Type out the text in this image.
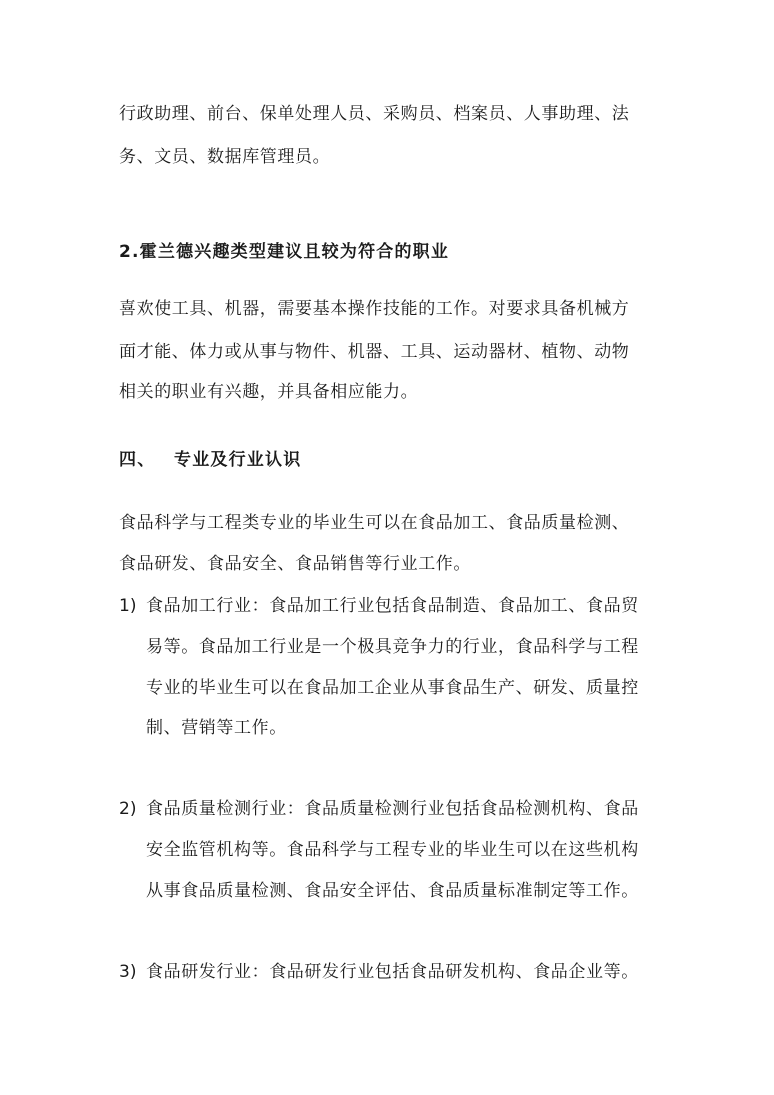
行政助理、前台、保单处理人员、采购员、档案员、人事助理、法
务、文员、数据库管理员。
2.霍兰德兴趣类型建议且较为符合的职业
喜欢使工具、机器，需要基本操作技能的工作。对要求具备机械方
面才能、体力或从事与物件、机器、工具、运动器材、植物、动物
相关的职业有兴趣，并具备相应能力。
四、 专业及行业认识
食品科学与工程类专业的毕业生可以在食品加工、食品质量检测、
食品研发、食品安全、食品销售等行业工作。
1) 食品加工行业：食品加工行业包括食品制造、食品加工、食品贸
易等。食品加工行业是一个极具竞争力的行业，食品科学与工程
专业的毕业生可以在食品加工企业从事食品生产、研发、质量控
制、营销等工作。
2) 食品质量检测行业：食品质量检测行业包括食品检测机构、食品
安全监管机构等。食品科学与工程专业的毕业生可以在这些机构
从事食品质量检测、食品安全评估、食品质量标准制定等工作。
3) 食品研发行业：食品研发行业包括食品研发机构、食品企业等。
